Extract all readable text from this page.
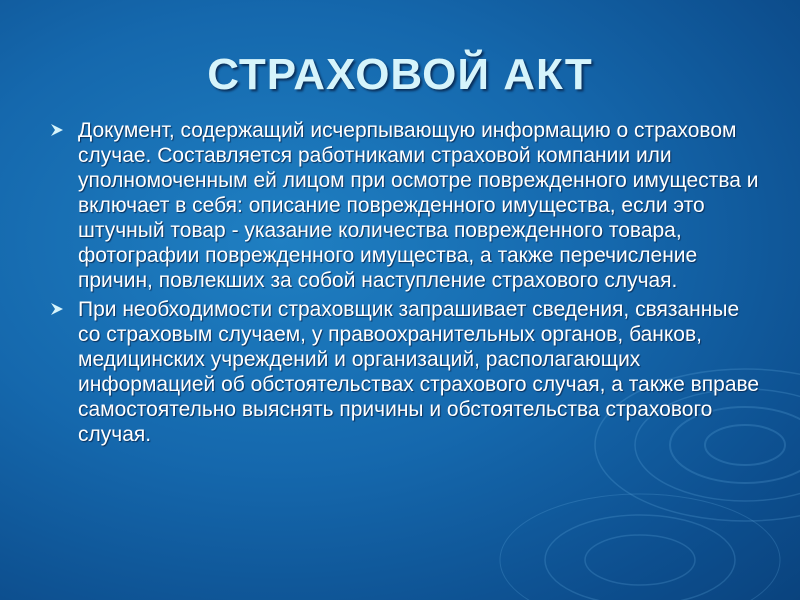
СТРАХОВОЙ АКТ
Документ, содержащий исчерпывающую информацию о страховом случае. Составляется работниками страховой компании или уполномоченным ей лицом при осмотре поврежденного имущества и включает в себя: описание поврежденного имущества, если это штучный товар - указание количества поврежденного товара, фотографии поврежденного имущества, а также перечисление причин, повлекших за собой наступление страхового случая.
При необходимости страховщик запрашивает сведения, связанные со страховым случаем, у правоохранительных органов, банков, медицинских учреждений и организаций, располагающих информацией об обстоятельствах страхового случая, а также вправе самостоятельно выяснять причины и обстоятельства страхового случая.
